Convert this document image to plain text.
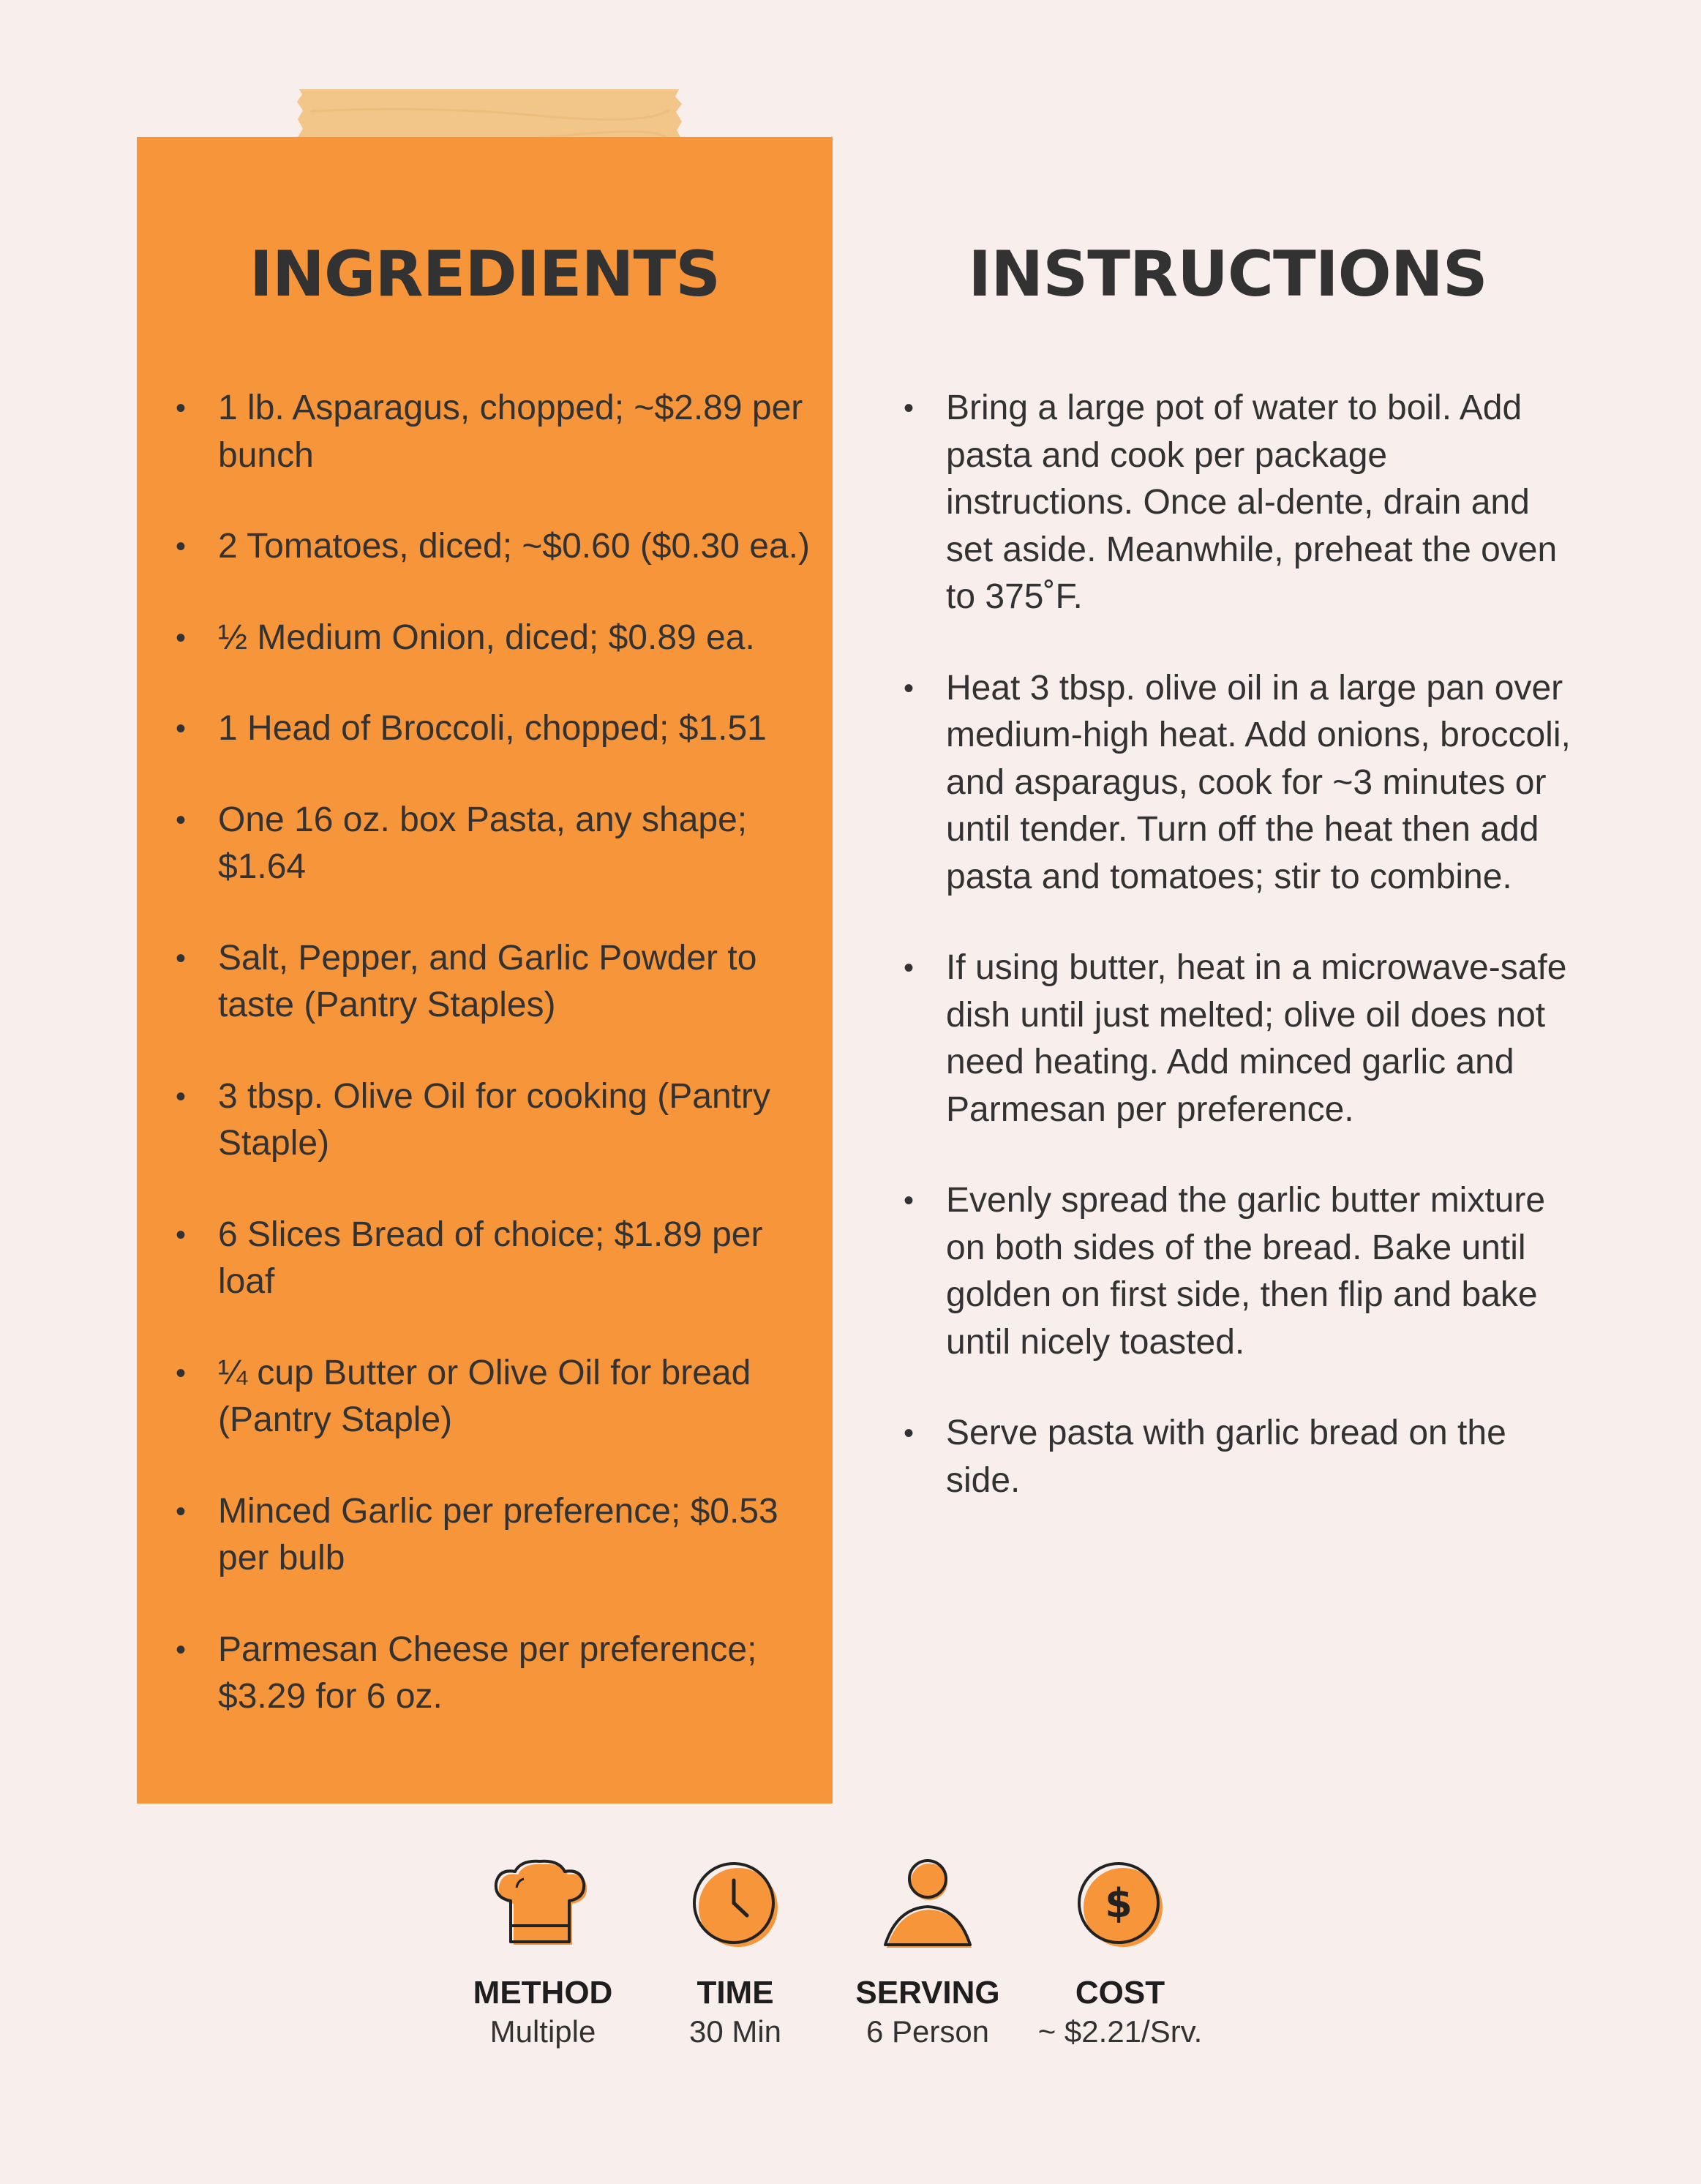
INGREDIENTS
• 1 lb. Asparagus, chopped; ~$2.89 per bunch
• 2 Tomatoes, diced; ~$0.60 ($0.30 ea.)
• ½ Medium Onion, diced; $0.89 ea.
• 1 Head of Broccoli, chopped; $1.51
• One 16 oz. box Pasta, any shape; $1.64
• Salt, Pepper, and Garlic Powder to taste (Pantry Staples)
• 3 tbsp. Olive Oil for cooking (Pantry Staple)
• 6 Slices Bread of choice; $1.89 per loaf
• ¼ cup Butter or Olive Oil for bread (Pantry Staple)
• Minced Garlic per preference; $0.53 per bulb
• Parmesan Cheese per preference; $3.29 for 6 oz.
INSTRUCTIONS
• Bring a large pot of water to boil. Add pasta and cook per package instructions. Once al-dente, drain and set aside. Meanwhile, preheat the oven to 375˚F.
• Heat 3 tbsp. olive oil in a large pan over medium-high heat. Add onions, broccoli, and asparagus, cook for ~3 minutes or until tender. Turn off the heat then add pasta and tomatoes; stir to combine.
• If using butter, heat in a microwave-safe dish until just melted; olive oil does not need heating. Add minced garlic and Parmesan per preference.
• Evenly spread the garlic butter mixture on both sides of the bread. Bake until golden on first side, then flip and bake until nicely toasted.
• Serve pasta with garlic bread on the side.
METHOD
Multiple
TIME
30 Min
SERVING
6 Person
$
COST
~ $2.21/Srv.
